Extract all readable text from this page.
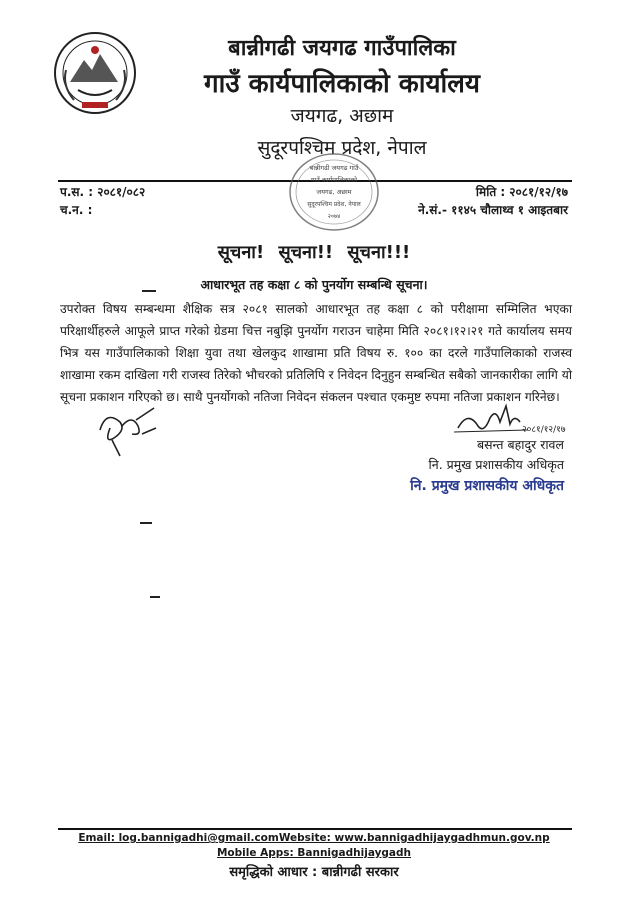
बान्नीगढी जयगढ गाउँपालिका
गाउँ कार्यपालिकाको कार्यालय
जयगढ, अछाम
सुदूरपश्चिम प्रदेश, नेपाल
प.स. : २०८१/०८२
च.न. :
मिति : २०८१/१२/१७
ने.सं.- ११४५ चौलाथ्व १ आइतबार
बान्नीगढी जयगढ गाउँ
गाउँ कार्यपालिकाको
जयगढ, अछाम
सुदूरपश्चिम प्रदेश, नेपाल
२०७४
सूचना! सूचना!! सूचना!!!
आधारभूत तह कक्षा ८ को पुनर्योग सम्बन्धि सूचना।
उपरोक्त विषय सम्बन्धमा शैक्षिक सत्र २०८१ सालको आधारभूत तह कक्षा ८ को परीक्षामा सम्मिलित भएका परिक्षार्थीहरुले आफूले प्राप्त गरेको ग्रेडमा चित्त नबुझि पुनर्योग गराउन चाहेमा मिति २०८१।१२।२१ गते कार्यालय समय भित्र यस गाउँपालिकाको शिक्षा युवा तथा खेलकुद शाखामा प्रति विषय रु. १०० का दरले गाउँपालिकाको राजस्व शाखामा रकम दाखिला गरी राजस्व तिरेको भौचरको प्रतिलिपि र निवेदन दिनुहुन सम्बन्धित सबैको जानकारीका लागि यो सूचना प्रकाशन गरिएको छ। साथै पुनर्योगको नतिजा निवेदन संकलन पश्चात एकमुष्ट रुपमा नतिजा प्रकाशन गरिनेछ।
२०८१/१२/१७
बसन्त बहादुर रावल
नि. प्रमुख प्रशासकीय अधिकृत
नि. प्रमुख प्रशासकीय अधिकृत
Email: log.bannigadhi@gmail.comWebsite: www.bannigadhijaygadhmun.gov.np
Mobile Apps: Bannigadhijaygadh
समृद्धिको आधार : बान्नीगढी सरकार
